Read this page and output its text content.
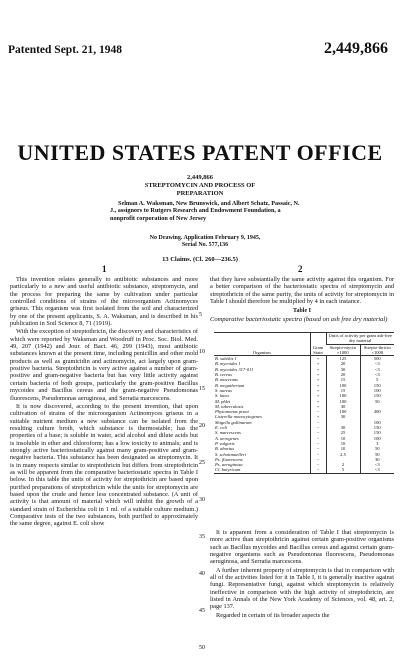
Patented Sept. 21, 1948	2,449,866
UNITED STATES PATENT OFFICE
2,449,866
STREPTOMYCIN AND PROCESS OF
PREPARATION
Selman A. Waksman, New Brunswick, and Albert Schatz, Passaic, N. J., assignors to Rutgers Research and Endowment Foundation, a nonprofit corporation of New Jersey
No Drawing. Application February 9, 1945,
Serial No. 577,136
13 Claims. (Cl. 260—236.5)
1	2

This invention relates generally to antibiotic substances and more particularly to a new and useful antibiotic substance, streptomycin, and the process for preparing the same by cultivation under particular controlled conditions of strains of the microorganism Actinomyces griseus. This organism was first isolated from the soil and characterized by one of the present applicants, S. A. Waksman, and is described in his publication in Soil Science 8, 71 (1919).

With the exception of streptothricin, the discovery and characteristics of which were reported by Waksman and Woodruff in Proc. Soc. Biol. Med. 49, 207 (1942) and Jour. of Bact. 46, 299 (1943), most antibiotic substances known at the present time, including penicillin and other mold products as well as gramicidin and actinomycin, act largely upon gram-positive bacteria. Streptothricin is very active against a number of gram-positive and gram-negative bacteria but has very little activity against certain bacteria of both groups, particularly the gram-positive Bacillus mycoides and Bacillus cereus and the gram-negative Pseudomonas fluorescens, Pseudomonas aeruginosa, and Serratia marcescens.

It is now discovered, according to the present invention, that upon cultivation of strains of the microorganism Actinomyces griseus in a suitable nutrient medium a new substance can be isolated from the resulting culture broth, which substance is thermostable; has the properties of a base; is soluble in water, acid alcohol and dilute acids but is insoluble in ether and chloroform; has a low toxicity to animals; and is strongly active bacteriostatically against many gram-positive and gram-negative bacteria. This substance has been designated as streptomycin. It is in many respects similar to streptothricin but differs from streptothricin as will be apparent from the comparative bacteriostatic spectra in Table I below. In this table the units of activity for streptothricin are based upon purified preparations of streptothricin while the units for streptomycin are based upon the crude and hence less concentrated substance. (A unit of activity is that amount of material which will inhibit the growth of a standard strain of Escherichia coli in 1 ml. of a suitable culture medium.) Comparative tests of the two substances, both purified to approximately the same degree, against E. coli show

that they have substantially the same activity against this organism. For a better comparison of the bacteriostatic spectra of streptomycin and streptothricin of the same purity, the units of activity for streptomycin in Table I should therefore be multiplied by 4 in each instance.

Table I
Comparative bacteriostatic spectra (based on ash free dry material)
Organism	Gram Stain	Units of activity per gram ash-free dry material	
		Strepto-mycin ×1000	Strepto-thricin ×1000
B. subtilis 1	+	125	500
B. mycoides 1	+	20	<3
B. mycoides 317-011	+	30	<3
B. cereus	+	20	<3
B. macerans	+	15	5
B. megatherium	+	100	150
S. aureus	+	15	100
S. lutea	+	100	150
M. phlei	+	100	50
M. tuberculosis	+	30	
Phytomonas pruni	−	100	400
Listerella monocytogenes	+	30	
Shigella gallinarum	−		100
E. coli	−	30	150
S. marcescens	−	25	150
A. aerogenes	−	10	100
P. vulgaris	−	10	3
B. abortus	−	10	50
S. schottmuelleri	−	2.5	50
Ps. fluorescens	−		30
Ps. aeruginosa	−	2	<3
Cl. butyricum	−	5	<3

It is apparent from a consideration of Table I that streptomycin is more active than streptothricin against certain gram-positive organisms such as Bacillus mycoides and Bacillus cereus and against certain gram-negative organisms such as Pseudomonas fluorescens, Pseudomonas aeruginosa, and Serratia marcescens.

A further inherent property of streptomycin is that in comparison with all of the activities listed for it in Table I, it is generally inactive against fungi. Representative fungi, against which streptomycin is relatively ineffective in comparison with the high activity of streptothricin, are listed in Annals of the New York Academy of Sciences, vol. 48, art. 2, page 137.

Regarded in certain of its broader aspects the

5
10
15
20
25
30
35
40
45
50
